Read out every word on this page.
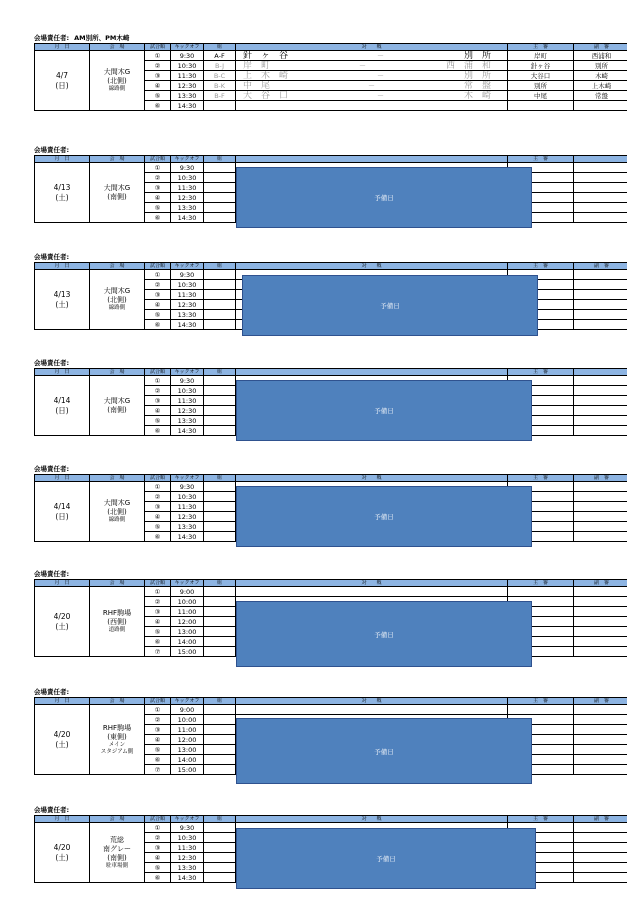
会場責任者: AM別所、PM木崎
月　日	会　場	試合順	キックオフ	組	対　　戦	主　審	副　審
4/7
(日)	大間木G
(北側)

線路側	①	9:30	A-F	針ヶ谷 － 別所	岸町	西浦和
		②	10:30	B-J	岸町 － 西浦和	針ヶ谷	別所
		③	11:30	B-C	上木崎 － 別所	大谷口	木崎
		④	12:30	B-K	中尾 － 常盤	別所	上木崎
		⑤	13:30	B-F	大谷口 － 木崎	中尾	常盤
		⑥	14:30				
会場責任者:
月　日	会　場	試合順	キックオフ	組		主　審	
4/13
(土)	大間木G
(南側)	①	9:30				
		②	10:30				
		③	11:30				
		④	12:30				
		⑤	13:30				
		⑥	14:30				
予備日
会場責任者:
月　日	会　場	試合順	キックオフ	組	対　　戦	主　審	副　審
4/13
(土)	大間木G
(北側)

線路側	①	9:30				
		②	10:30				
		③	11:30				
		④	12:30				
		⑤	13:30				
		⑥	14:30				
予備日
会場責任者:
月　日	会　場	試合順	キックオフ	組		主　審	
4/14
(日)	大間木G
(南側)	①	9:30				
		②	10:30				
		③	11:30				
		④	12:30				
		⑤	13:30				
		⑥	14:30				
予備日
会場責任者:
月　日	会　場	試合順	キックオフ	組	対　　戦	主　審	副　審
4/14
(日)	大間木G
(北側)

線路側	①	9:30				
		②	10:30				
		③	11:30				
		④	12:30				
		⑤	13:30				
		⑥	14:30				
予備日
会場責任者:
月　日	会　場	試合順	キックオフ	組	対　　戦	主　審	副　審
4/20
(土)	RHF駒場
(西側)

道路側	①	9:00				
		②	10:00				
		③	11:00				
		④	12:00				
		⑤	13:00				
		⑥	14:00				
		⑦	15:00				
予備日
会場責任者:
月　日	会　場	試合順	キックオフ	組	対　　戦	主　審	副　審
4/20
(土)	RHF駒場
(東側)

メイン
スタジアム側	①	9:00				
		②	10:00				
		③	11:00				
		④	12:00				
		⑤	13:00				
		⑥	14:00				
		⑦	15:00				
予備日
会場責任者:
月　日	会　場	試合順	キックオフ	組	対　　戦	主　審	副　審
4/20
(土)	荒総
南グレー
(南側)

駐車場側	①	9:30				
		②	10:30				
		③	11:30				
		④	12:30				
		⑤	13:30				
		⑥	14:30				
予備日
